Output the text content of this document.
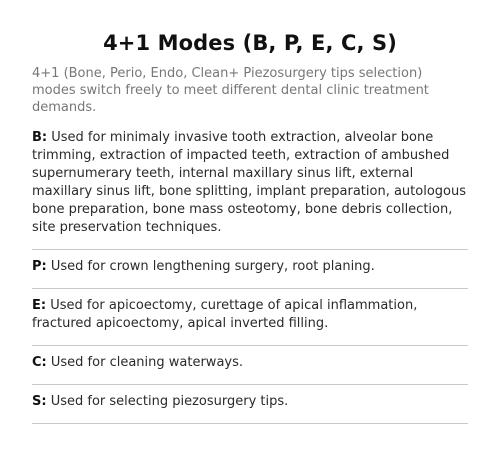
4+1 Modes (B, P, E, C, S)

4+1 (Bone, Perio, Endo, Clean+ Piezosurgery tips selection) modes switch freely to meet different dental clinic treatment demands.

B: Used for minimaly invasive tooth extraction, alveolar bone trimming, extraction of impacted teeth, extraction of ambushed supernumerary teeth, internal maxillary sinus lift, external maxillary sinus lift, bone splitting, implant preparation, autologous bone preparation, bone mass osteotomy, bone debris collection, site preservation techniques.

P: Used for crown lengthening surgery, root planing.

E: Used for apicoectomy, curettage of apical inflammation, fractured apicoectomy, apical inverted filling.

C: Used for cleaning waterways.

S: Used for selecting piezosurgery tips.
